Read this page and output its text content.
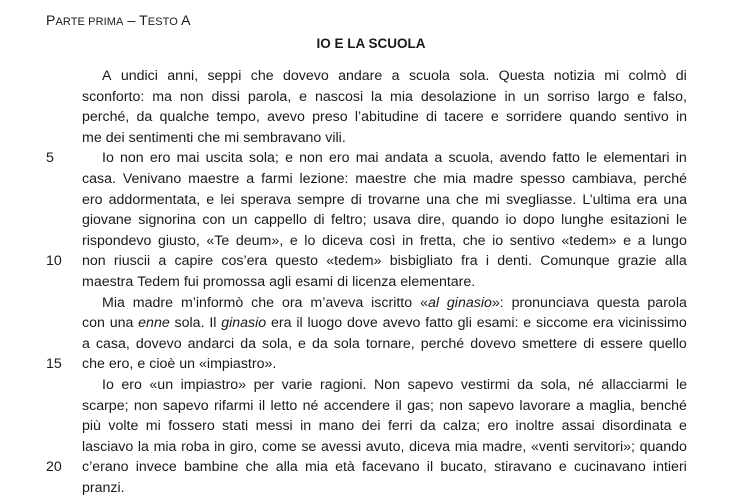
PARTE PRIMA – TESTO A
IO E LA SCUOLA
A undici anni, seppi che dovevo andare a scuola sola. Questa notizia mi colmò di
sconforto: ma non dissi parola, e nascosi la mia desolazione in un sorriso largo e falso,
perché, da qualche tempo, avevo preso l’abitudine di tacere e sorridere quando sentivo in
me dei sentimenti che mi sembravano vili.
5	Io non ero mai uscita sola; e non ero mai andata a scuola, avendo fatto le elementari in
casa. Venivano maestre a farmi lezione: maestre che mia madre spesso cambiava, perché
ero addormentata, e lei sperava sempre di trovarne una che mi svegliasse. L’ultima era una
giovane signorina con un cappello di feltro; usava dire, quando io dopo lunghe esitazioni le
rispondevo giusto, «Te deum», e lo diceva così in fretta, che io sentivo «tedem» e a lungo
10	non riuscii a capire cos’era questo «tedem» bisbigliato fra i denti. Comunque grazie alla
maestra Tedem fui promossa agli esami di licenza elementare.
Mia madre m’informò che ora m’aveva iscritto «al ginasio»: pronunciava questa parola
con una enne sola. Il ginasio era il luogo dove avevo fatto gli esami: e siccome era vicinissimo
a casa, dovevo andarci da sola, e da sola tornare, perché dovevo smettere di essere quello
15	che ero, e cioè un «impiastro».
Io ero «un impiastro» per varie ragioni. Non sapevo vestirmi da sola, né allacciarmi le
scarpe; non sapevo rifarmi il letto né accendere il gas; non sapevo lavorare a maglia, benché
più volte mi fossero stati messi in mano dei ferri da calza; ero inoltre assai disordinata e
lasciavo la mia roba in giro, come se avessi avuto, diceva mia madre, «venti servitori»; quando
20	c’erano invece bambine che alla mia età facevano il bucato, stiravano e cucinavano intieri
pranzi.
